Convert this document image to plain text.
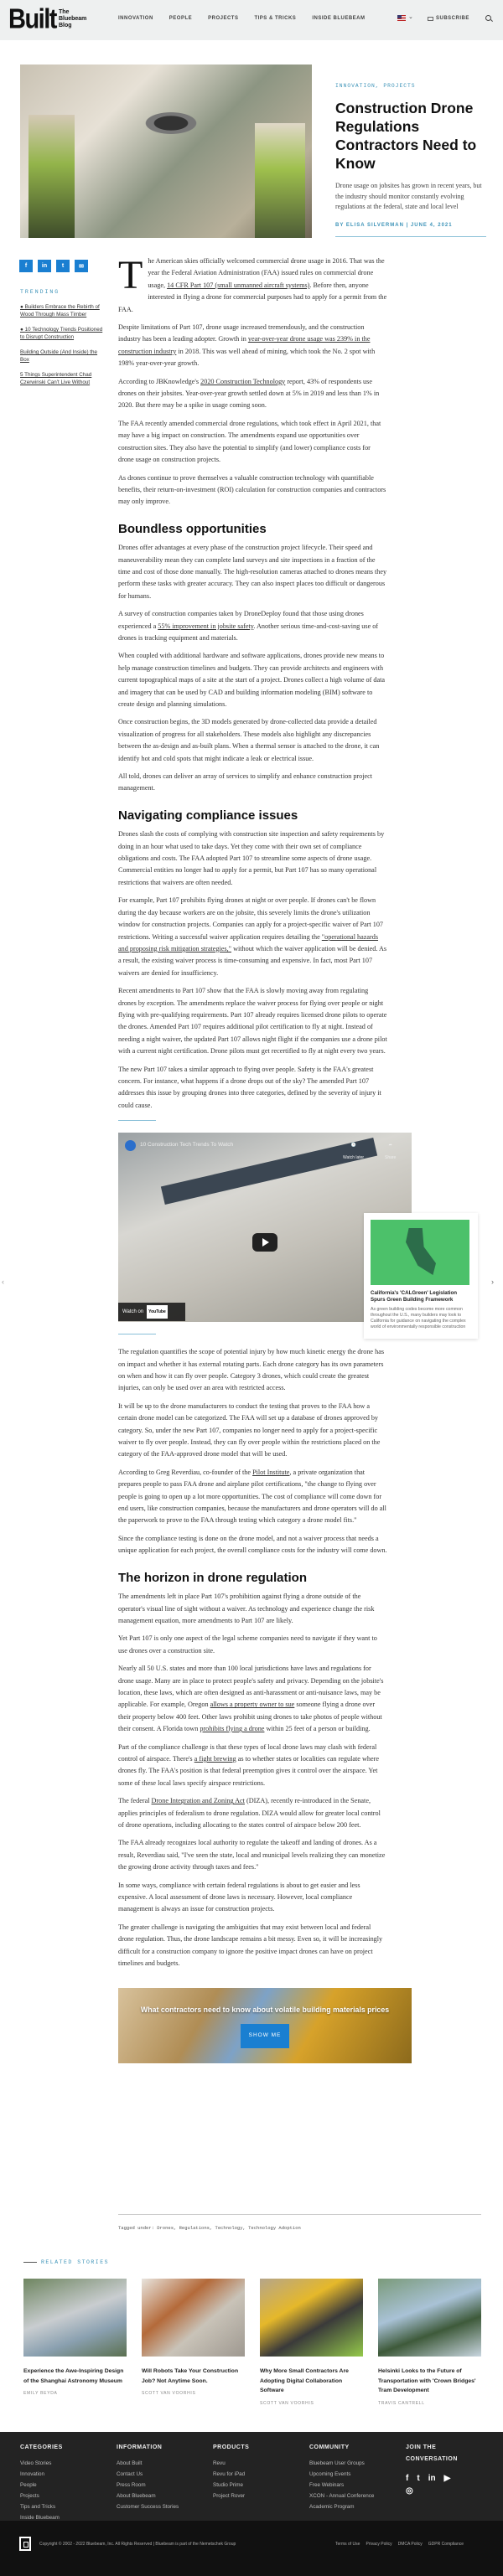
Built The
Bluebeam
Blog
INNOVATION	PEOPLE	PROJECTS	TIPS & TRICKS	INSIDE BLUEBEAM	⌄	SUBSCRIBE
INNOVATION, PROJECTS
Construction Drone Regulations Contractors Need to Know

Drone usage on jobsites has grown in recent years, but the industry should monitor constantly evolving regulations at the federal, state and local level

BY ELISA SILVERMAN | JUNE 4, 2021
f	in	t	✉
TRENDING
● Builders Embrace the Rebirth of Wood Through Mass Timber
● 10 Technology Trends Positioned to Disrupt Construction
Building Outside (And Inside) the Box
5 Things Superintendent Chad Czerwinski Can't Live Without

The American skies officially welcomed commercial drone usage in 2016. That was the year the Federal Aviation Administration (FAA) issued rules on commercial drone usage, 14 CFR Part 107 (small unmanned aircraft systems). Before then, anyone interested in flying a drone for commercial purposes had to apply for a permit from the FAA.

Despite limitations of Part 107, drone usage increased tremendously, and the construction industry has been a leading adopter. Growth in year-over-year drone usage was 239% in the construction industry in 2018. This was well ahead of mining, which took the No. 2 spot with 198% year-over-year growth.

According to JBKnowledge's 2020 Construction Technology report, 43% of respondents use drones on their jobsites. Year-over-year growth settled down at 5% in 2019 and less than 1% in 2020. But there may be a spike in usage coming soon.

The FAA recently amended commercial drone regulations, which took effect in April 2021, that may have a big impact on construction. The amendments expand use opportunities over construction sites. They also have the potential to simplify (and lower) compliance costs for drone usage on construction projects.

As drones continue to prove themselves a valuable construction technology with quantifiable benefits, their return-on-investment (ROI) calculation for construction companies and contractors may only improve.

Boundless opportunities

Drones offer advantages at every phase of the construction project lifecycle. Their speed and maneuverability mean they can complete land surveys and site inspections in a fraction of the time and cost of those done manually. The high-resolution cameras attached to drones means they perform these tasks with greater accuracy. They can also inspect places too difficult or dangerous for humans.

A survey of construction companies taken by DroneDeploy found that those using drones experienced a 55% improvement in jobsite safety. Another serious time-and-cost-saving use of drones is tracking equipment and materials.

When coupled with additional hardware and software applications, drones provide new means to help manage construction timelines and budgets. They can provide architects and engineers with current topographical maps of a site at the start of a project. Drones collect a high volume of data and imagery that can be used by CAD and building information modeling (BIM) software to create design and planning simulations.

Once construction begins, the 3D models generated by drone-collected data provide a detailed visualization of progress for all stakeholders. These models also highlight any discrepancies between the as-design and as-built plans. When a thermal sensor is attached to the drone, it can identify hot and cold spots that might indicate a leak or electrical issue.

All told, drones can deliver an array of services to simplify and enhance construction project management.

Navigating compliance issues

Drones slash the costs of complying with construction site inspection and safety requirements by doing in an hour what used to take days. Yet they come with their own set of compliance obligations and costs. The FAA adopted Part 107 to streamline some aspects of drone usage. Commercial entities no longer had to apply for a permit, but Part 107 has so many operational restrictions that waivers are often needed.

For example, Part 107 prohibits flying drones at night or over people. If drones can't be flown during the day because workers are on the jobsite, this severely limits the drone's utilization window for construction projects. Companies can apply for a project-specific waiver of Part 107 restrictions. Writing a successful waiver application requires detailing the "operational hazards and proposing risk mitigation strategies," without which the waiver application will be denied. As a result, the existing waiver process is time-consuming and expensive. In fact, most Part 107 waivers are denied for insufficiency.

Recent amendments to Part 107 show that the FAA is slowly moving away from regulating drones by exception. The amendments replace the waiver process for flying over people or night flying with pre-qualifying requirements. Part 107 already requires licensed drone pilots to operate the drones. Amended Part 107 requires additional pilot certification to fly at night. Instead of needing a night waiver, the updated Part 107 allows night flight if the companies use a drone pilot with a current night certification. Drone pilots must get recertified to fly at night every two years.

The new Part 107 takes a similar approach to flying over people. Safety is the FAA's greatest concern. For instance, what happens if a drone drops out of the sky? The amended Part 107 addresses this issue by grouping drones into three categories, defined by the severity of injury it could cause.

10 Construction Tech Trends To Watch	🕒
Watch later
➦
Share
Watch on	YouTube

The regulation quantifies the scope of potential injury by how much kinetic energy the drone has on impact and whether it has external rotating parts. Each drone category has its own parameters on when and how it can fly over people. Category 3 drones, which could create the greatest injuries, can only be used over an area with restricted access.

It will be up to the drone manufacturers to conduct the testing that proves to the FAA how a certain drone model can be categorized. The FAA will set up a database of drones approved by category. So, under the new Part 107, companies no longer need to apply for a project-specific waiver to fly over people. Instead, they can fly over people within the restrictions placed on the category of the FAA-approved drone model that will be used.

According to Greg Reverdiau, co-founder of the Pilot Institute, a private organization that prepares people to pass FAA drone and airplane pilot certifications, "the change to flying over people is going to open up a lot more opportunities. The cost of compliance will come down for end users, like construction companies, because the manufacturers and drone operators will do all the paperwork to prove to the FAA through testing which category a drone model fits."

Since the compliance testing is done on the drone model, and not a waiver process that needs a unique application for each project, the overall compliance costs for the industry will come down.

The horizon in drone regulation

The amendments left in place Part 107's prohibition against flying a drone outside of the operator's visual line of sight without a waiver. As technology and experience change the risk management equation, more amendments to Part 107 are likely.

Yet Part 107 is only one aspect of the legal scheme companies need to navigate if they want to use drones over a construction site.

Nearly all 50 U.S. states and more than 100 local jurisdictions have laws and regulations for drone usage. Many are in place to protect people's safety and privacy. Depending on the jobsite's location, these laws, which are often designed as anti-harassment or anti-nuisance laws, may be applicable. For example, Oregon allows a property owner to sue someone flying a drone over their property below 400 feet. Other laws prohibit using drones to take photos of people without their consent. A Florida town prohibits flying a drone within 25 feet of a person or building.

Part of the compliance challenge is that these types of local drone laws may clash with federal control of airspace. There's a fight brewing as to whether states or localities can regulate where drones fly. The FAA's position is that federal preemption gives it control over the airspace. Yet some of these local laws specify airspace restrictions.

The federal Drone Integration and Zoning Act (DIZA), recently re-introduced in the Senate, applies principles of federalism to drone regulation. DIZA would allow for greater local control of drone operations, including allocating to the states control of airspace below 200 feet.

The FAA already recognizes local authority to regulate the takeoff and landing of drones. As a result, Reverdiau said, "I've seen the state, local and municipal levels realizing they can monetize the growing drone activity through taxes and fees."

In some ways, compliance with certain federal regulations is about to get easier and less expensive. A local assessment of drone laws is necessary. However, local compliance management is always an issue for construction projects.

The greater challenge is navigating the ambiguities that may exist between local and federal drone regulation. Thus, the drone landscape remains a bit messy. Even so, it will be increasingly difficult for a construction company to ignore the positive impact drones can have on project timelines and budgets.

What contractors need to know about volatile building materials prices
SHOW ME
‹
California's 'CALGreen' Legislation Spurs Green Building Framework
As green building codes become more common throughout the U.S., many builders may look to California for guidance on navigating the complex world of environmentally responsible construction
›
Tagged under: Drones, Regulations, Technology, Technology Adoption
RELATED STORIES
Experience the Awe-Inspiring Design of the Shanghai Astronomy Museum
EMILY BEYDA
Will Robots Take Your Construction Job? Not Anytime Soon.
SCOTT VAN VOORHIS
Why More Small Contractors Are Adopting Digital Collaboration Software
SCOTT VAN VOORHIS
Helsinki Looks to the Future of Transportation with 'Crown Bridges' Tram Development
TRAVIS CANTRELL
CATEGORIES
Video Stories
Innovation
People
Projects
Tips and Tricks
Inside Bluebeam
INFORMATION
About Built
Contact Us
Press Room
About Bluebeam
Customer Success Stories
PRODUCTS
Revu
Revu for iPad
Studio Prime
Project Rover
COMMUNITY
Bluebeam User Groups
Upcoming Events
Free Webinars
XCON - Annual Conference
Academic Program
JOIN THE CONVERSATION
f t in ▶
◎
Copyright © 2002 - 2022 Bluebeam, Inc. All Rights Reserved | Bluebeam is part of the Nemetschek Group	Terms of Use Privacy Policy DMCA Policy GDPR Compliance
